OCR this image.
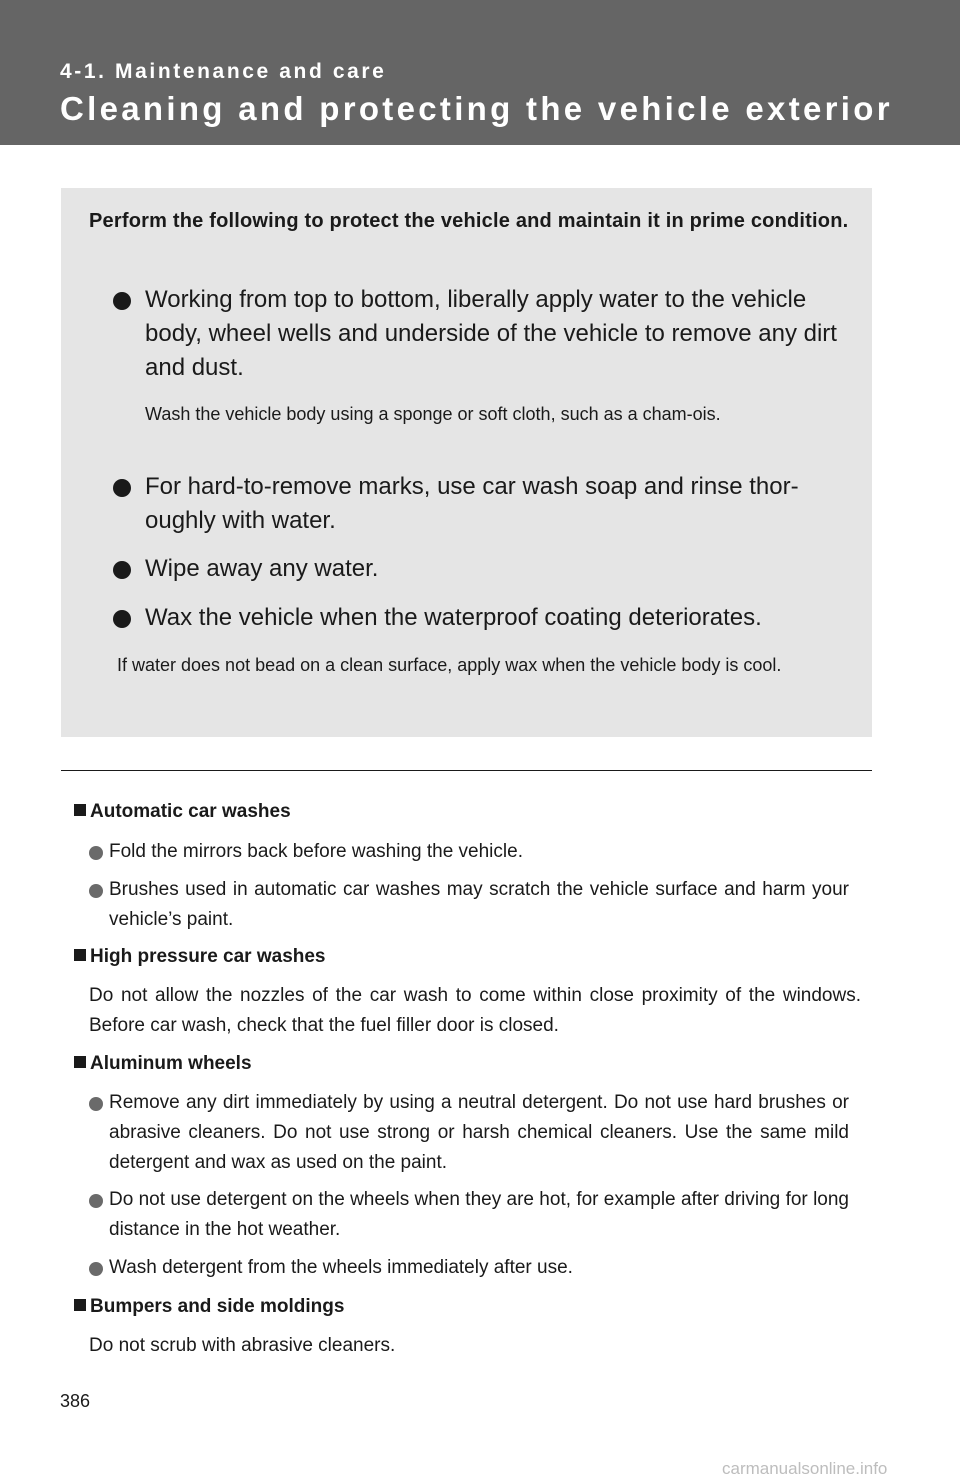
4-1. Maintenance and care
Cleaning and protecting the vehicle exterior
Perform the following to protect the vehicle and maintain it in prime condition.
Working from top to bottom, liberally apply water to the vehicle body, wheel wells and underside of the vehicle to remove any dirt and dust.
Wash the vehicle body using a sponge or soft cloth, such as a cham-ois.
For hard-to-remove marks, use car wash soap and rinse thor-oughly with water.
Wipe away any water.
Wax the vehicle when the waterproof coating deteriorates.
If water does not bead on a clean surface, apply wax when the vehicle body is cool.
Automatic car washes
Fold the mirrors back before washing the vehicle.
Brushes used in automatic car washes may scratch the vehicle surface and harm your vehicle’s paint.
High pressure car washes
Do not allow the nozzles of the car wash to come within close proximity of the windows. Before car wash, check that the fuel filler door is closed.
Aluminum wheels
Remove any dirt immediately by using a neutral detergent. Do not use hard brushes or abrasive cleaners. Do not use strong or harsh chemical cleaners. Use the same mild detergent and wax as used on the paint.
Do not use detergent on the wheels when they are hot, for example after driving for long distance in the hot weather.
Wash detergent from the wheels immediately after use.
Bumpers and side moldings
Do not scrub with abrasive cleaners.
386
carmanualsonline.info
